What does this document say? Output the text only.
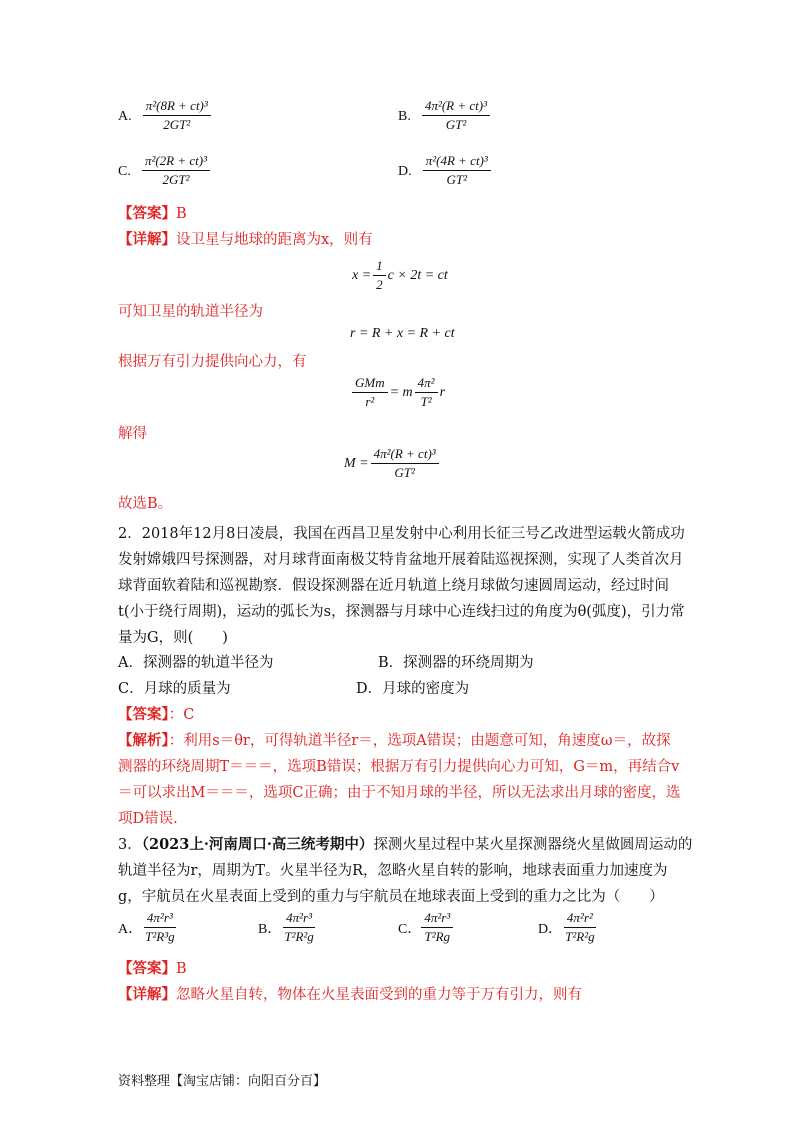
A. $\frac{\text{π²(8R + ct)³}}{\text{2GT²}}$	B. $\frac{\text{4π²(R + ct)³}}{\text{GT²}}$
C. $\frac{\text{π²(2R + ct)³}}{\text{2GT²}}$	D. $\frac{\text{π²(4R + ct)³}}{\text{GT²}}$
【答案】B
【详解】设卫星与地球的距离为x，则有
$x = \frac{1}{2}$ c × 2t = ct
可知卫星的轨道半径为
r = R + x = R + ct
根据万有引力提供向心力，有
$\frac{\text{GMm}}{\text{r²}} = m \frac{\text{4π²}}{\text{T²}}$ r
解得
$M = \frac{\text{4π²(R + ct)³}}{\text{GT²}}$
故选B。
2．2018年12月8日凌晨，我国在西昌卫星发射中心利用长征三号乙改进型运载火箭成功
发射嫦娥四号探测器，对月球背面南极艾特肯盆地开展着陆巡视探测，实现了人类首次月
球背面软着陆和巡视勘察．假设探测器在近月轨道上绕月球做匀速圆周运动，经过时间
t(小于绕行周期)，运动的弧长为s，探测器与月球中心连线扫过的角度为θ(弧度)，引力常
量为G，则(　　)
A．探测器的轨道半径为	B．探测器的环绕周期为
C．月球的质量为	D．月球的密度为
【答案】：C
【解析】：利用s＝θr，可得轨道半径r＝，选项A错误；由题意可知，角速度ω＝，故探
测器的环绕周期T＝＝＝，选项B错误；根据万有引力提供向心力可知，G＝m，再结合v
＝可以求出M＝＝＝，选项C正确；由于不知月球的半径，所以无法求出月球的密度，选
项D错误.
3．（2023上·河南周口·高三统考期中）探测火星过程中某火星探测器绕火星做圆周运动的
轨道半径为r，周期为T。火星半径为R，忽略火星自转的影响，地球表面重力加速度为
g，宇航员在火星表面上受到的重力与宇航员在地球表面上受到的重力之比为（　　）
A． $\frac{\text{4π²r³}}{\text{T²R³g}}$	B． $\frac{\text{4π²r³}}{\text{T²R²g}}$	C． $\frac{\text{4π²r³}}{\text{T²Rg}}$	D． $\frac{\text{4π²r²}}{\text{T²R²g}}$
【答案】B
【详解】忽略火星自转，物体在火星表面受到的重力等于万有引力，则有
资料整理【淘宝店铺：向阳百分百】
